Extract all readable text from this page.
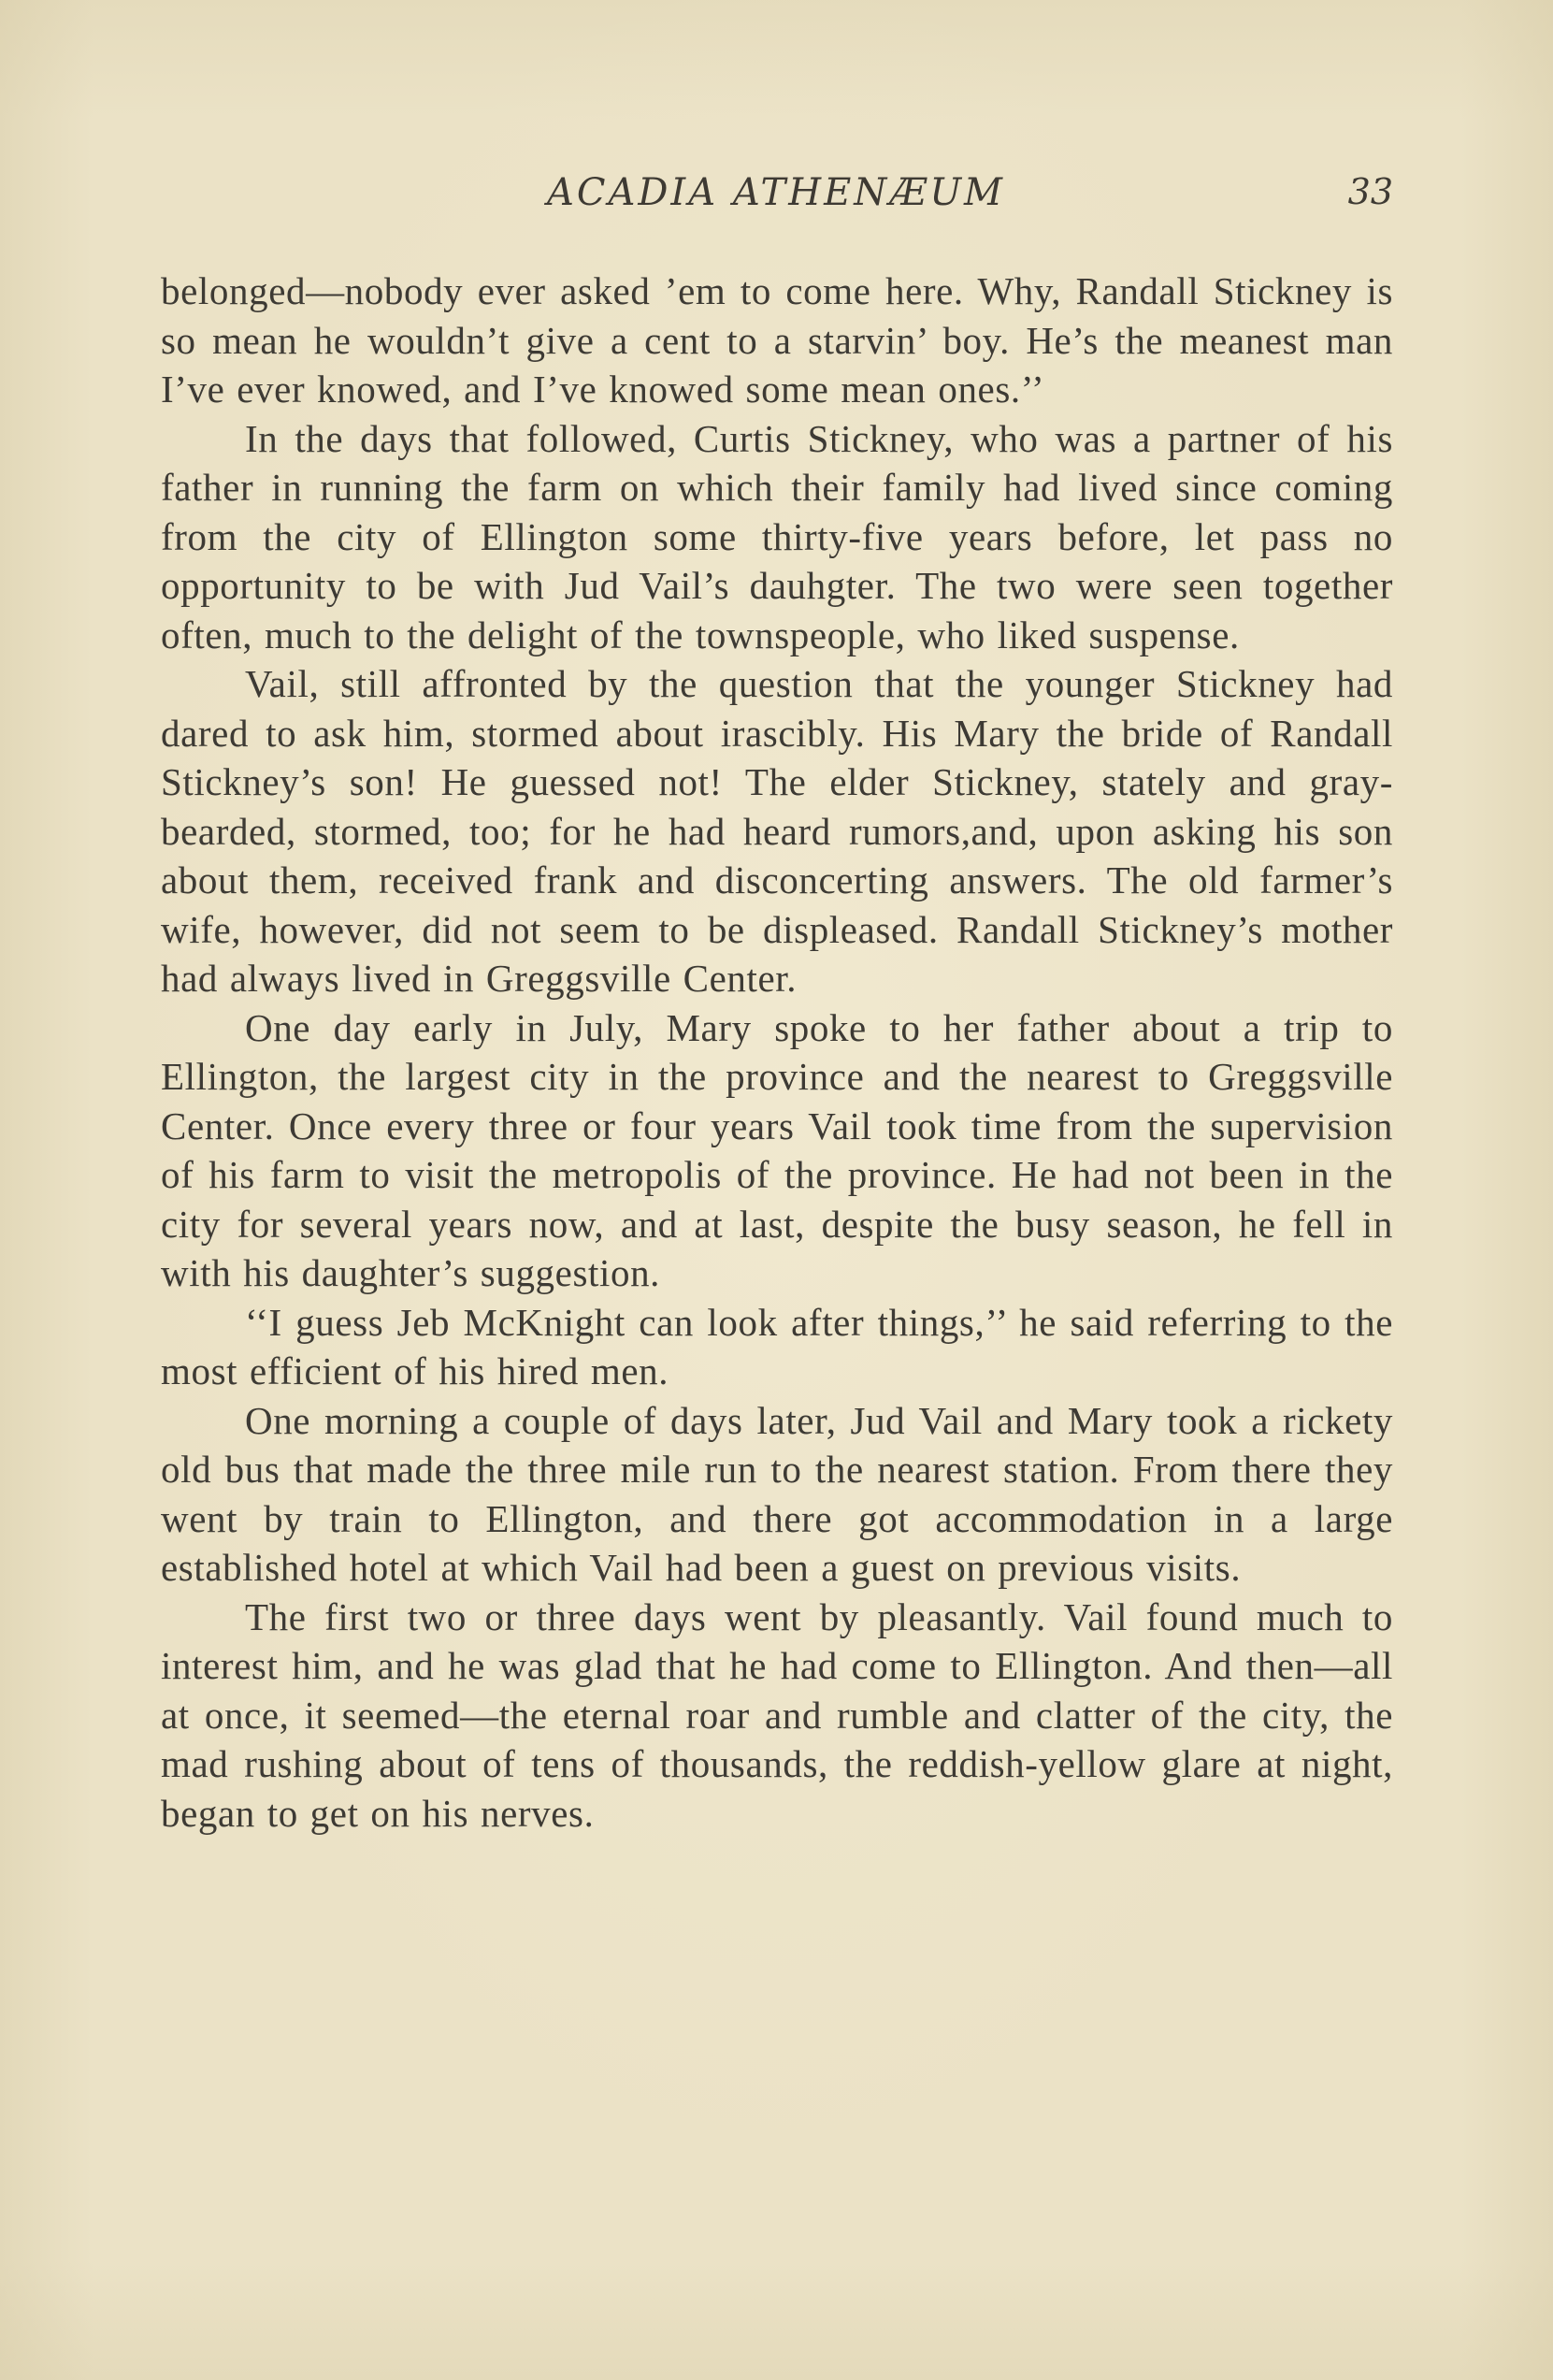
ACADIA ATHENÆUM	33

belonged—nobody ever asked ’em to come here. Why, Randall Stickney is so mean he wouldn’t give a cent to a starvin’ boy. He’s the meanest man I’ve ever knowed, and I’ve knowed some mean ones.’’

In the days that followed, Curtis Stickney, who was a partner of his father in running the farm on which their family had lived since coming from the city of Ellington some thirty-five years before, let pass no opportunity to be with Jud Vail’s dauhgter. The two were seen together often, much to the delight of the townspeople, who liked suspense.

Vail, still affronted by the question that the younger Stickney had dared to ask him, stormed about irascibly. His Mary the bride of Randall Stickney’s son! He guessed not! The elder Stickney, stately and gray-bearded, stormed, too; for he had heard rumors,and, upon asking his son about them, received frank and disconcerting answers. The old farmer’s wife, however, did not seem to be displeased. Randall Stickney’s mother had always lived in Greggsville Center.

One day early in July, Mary spoke to her father about a trip to Ellington, the largest city in the province and the nearest to Greggsville Center. Once every three or four years Vail took time from the supervision of his farm to visit the metropolis of the province. He had not been in the city for several years now, and at last, despite the busy season, he fell in with his daughter’s suggestion.

‘‘I guess Jeb McKnight can look after things,’’ he said referring to the most efficient of his hired men.

One morning a couple of days later, Jud Vail and Mary took a rickety old bus that made the three mile run to the nearest station. From there they went by train to Ellington, and there got accommodation in a large established hotel at which Vail had been a guest on previous visits.

The first two or three days went by pleasantly. Vail found much to interest him, and he was glad that he had come to Ellington. And then—all at once, it seemed—the eternal roar and rumble and clatter of the city, the mad rushing about of tens of thousands, the reddish-yellow glare at night, began to get on his nerves.
